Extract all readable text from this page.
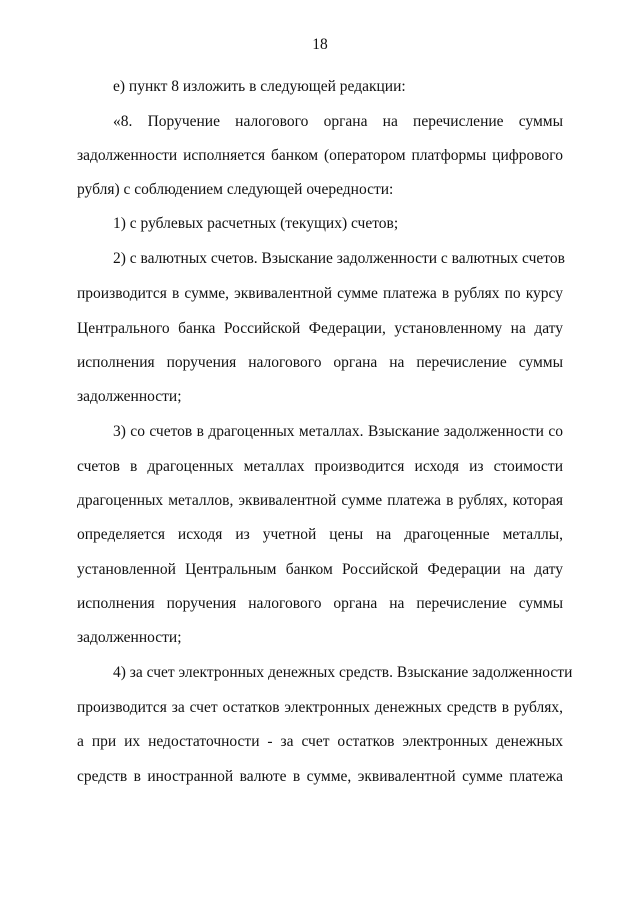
18
е) пункт 8 изложить в следующей редакции:
«8. Поручение налогового органа на перечисление суммы
задолженности исполняется банком (оператором платформы цифрового
рубля) с соблюдением следующей очередности:
1) с рублевых расчетных (текущих) счетов;
2) с валютных счетов. Взыскание задолженности с валютных счетов
производится в сумме, эквивалентной сумме платежа в рублях по курсу
Центрального банка Российской Федерации, установленному на дату
исполнения поручения налогового органа на перечисление суммы
задолженности;
3) со счетов в драгоценных металлах. Взыскание задолженности со
счетов в драгоценных металлах производится исходя из стоимости
драгоценных металлов, эквивалентной сумме платежа в рублях, которая
определяется исходя из учетной цены на драгоценные металлы,
установленной Центральным банком Российской Федерации на дату
исполнения поручения налогового органа на перечисление суммы
задолженности;
4) за счет электронных денежных средств. Взыскание задолженности
производится за счет остатков электронных денежных средств в рублях,
а при их недостаточности - за счет остатков электронных денежных
средств в иностранной валюте в сумме, эквивалентной сумме платежа
